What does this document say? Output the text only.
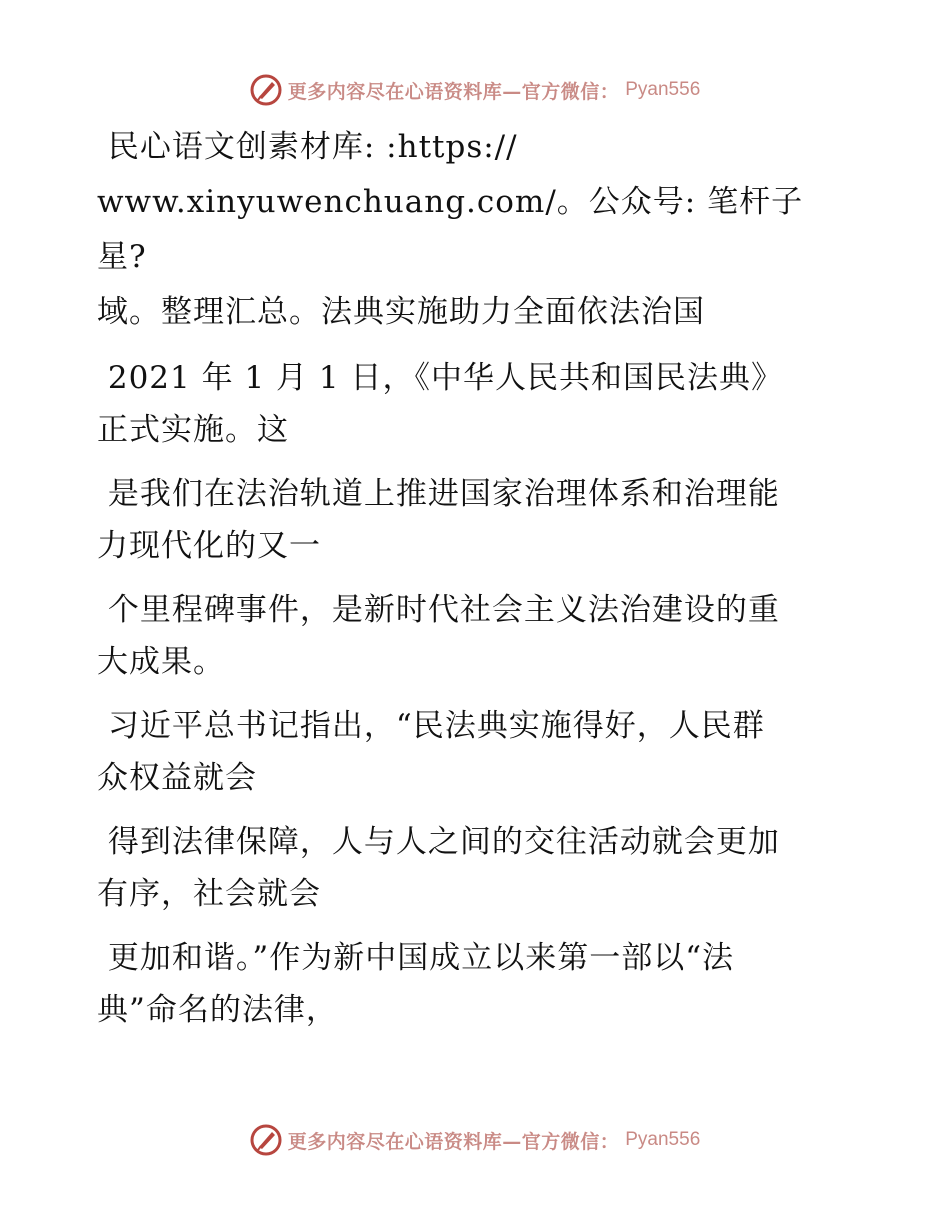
更多内容尽在心语资料库—官方微信： Pyan556

民心语文创素材库: :https://
www.xinyuwenchuang.com/。公众号: 笔杆子星?
域。整理汇总。法典实施助力全面依法治国

2021 年 1 月 1 日，《中华人民共和国民法典》
正式实施。这

是我们在法治轨道上推进国家治理体系和治理能
力现代化的又一

个里程碑事件，是新时代社会主义法治建设的重
大成果。

习近平总书记指出，“民法典实施得好，人民群
众权益就会

得到法律保障，人与人之间的交往活动就会更加
有序，社会就会

更加和谐。”作为新中国成立以来第一部以“法
典”命名的法律，

更多内容尽在心语资料库—官方微信： Pyan556
